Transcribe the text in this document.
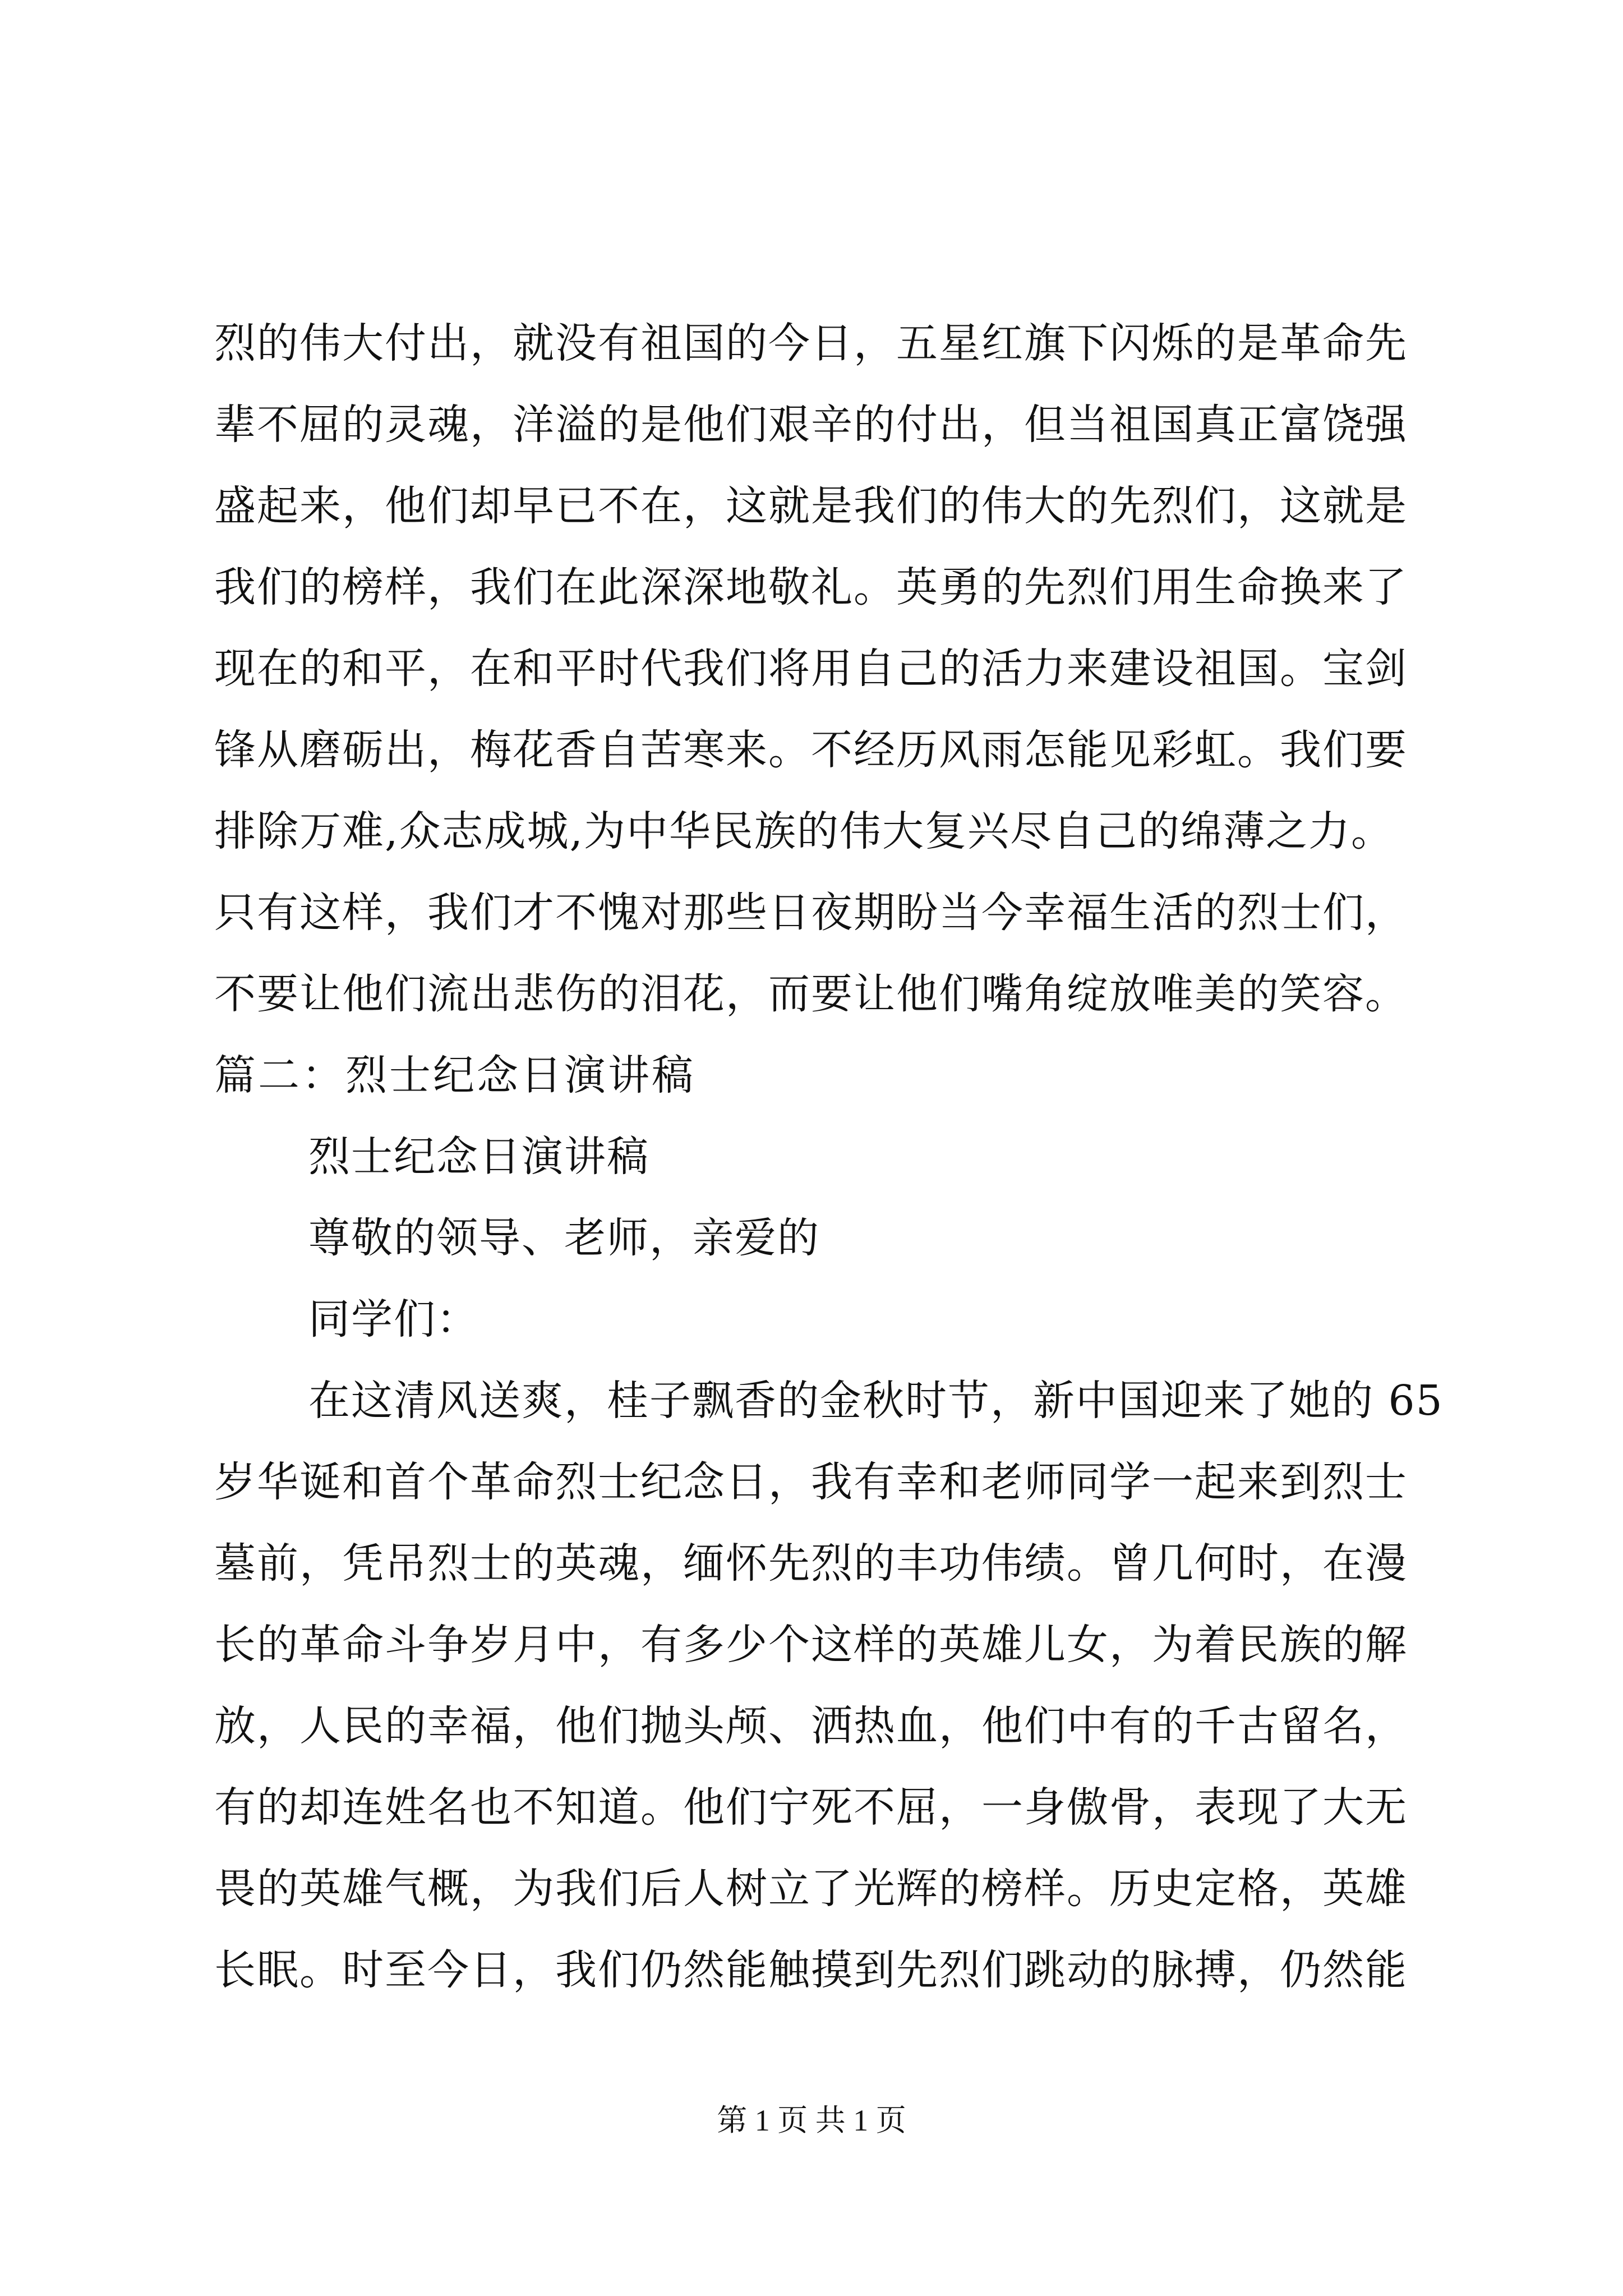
烈的伟大付出，就没有祖国的今日，五星红旗下闪烁的是革命先
辈不屈的灵魂，洋溢的是他们艰辛的付出，但当祖国真正富饶强
盛起来，他们却早已不在，这就是我们的伟大的先烈们，这就是
我们的榜样，我们在此深深地敬礼。英勇的先烈们用生命换来了
现在的和平，在和平时代我们将用自己的活力来建设祖国。宝剑
锋从磨砺出，梅花香自苦寒来。不经历风雨怎能见彩虹。我们要
排除万难,众志成城,为中华民族的伟大复兴尽自己的绵薄之力。
只有这样，我们才不愧对那些日夜期盼当今幸福生活的烈士们，
不要让他们流出悲伤的泪花，而要让他们嘴角绽放唯美的笑容。
篇二：烈士纪念日演讲稿
烈士纪念日演讲稿
尊敬的领导、老师，亲爱的
同学们：
在这清风送爽，桂子飘香的金秋时节，新中国迎来了她的 65
岁华诞和首个革命烈士纪念日，我有幸和老师同学一起来到烈士
墓前，凭吊烈士的英魂，缅怀先烈的丰功伟绩。曾几何时，在漫
长的革命斗争岁月中，有多少个这样的英雄儿女，为着民族的解
放，人民的幸福，他们抛头颅、洒热血，他们中有的千古留名，
有的却连姓名也不知道。他们宁死不屈，一身傲骨，表现了大无
畏的英雄气概，为我们后人树立了光辉的榜样。历史定格，英雄
长眠。时至今日，我们仍然能触摸到先烈们跳动的脉搏，仍然能
第 1 页 共 1 页
